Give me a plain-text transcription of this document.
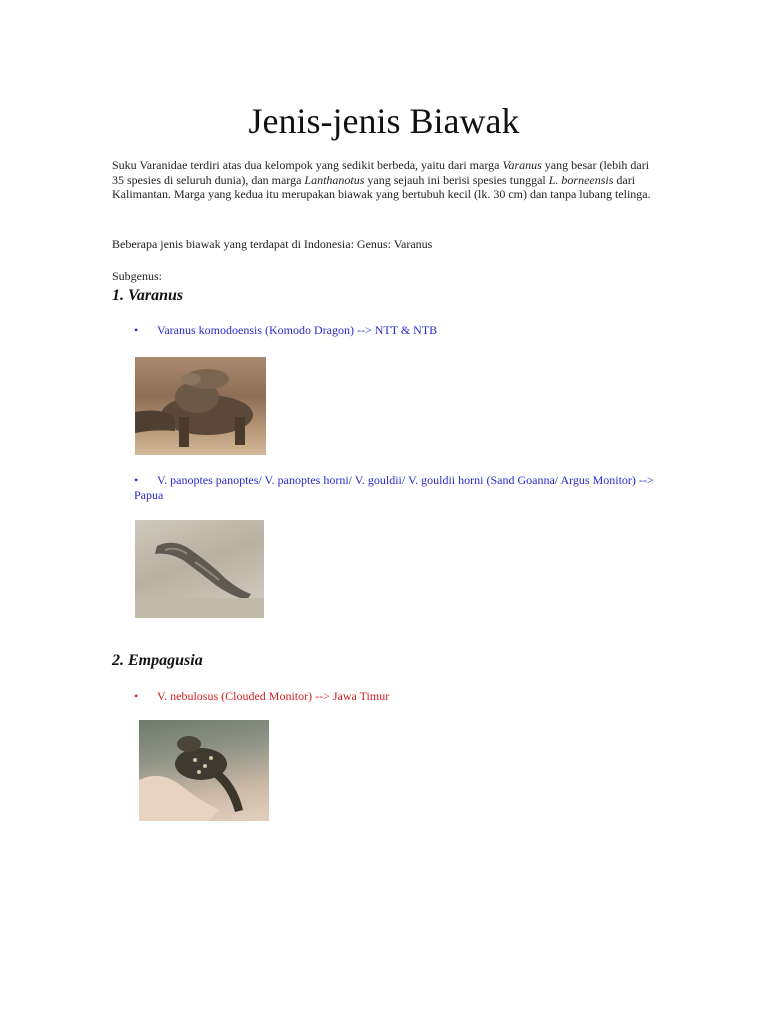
Jenis-jenis Biawak

Suku Varanidae terdiri atas dua kelompok yang sedikit berbeda, yaitu dari marga Varanus yang besar (lebih dari 35 spesies di seluruh dunia), dan marga Lanthanotus yang sejauh ini berisi spesies tunggal L. borneensis dari Kalimantan. Marga yang kedua itu merupakan biawak yang bertubuh kecil (lk. 30 cm) dan tanpa lubang telinga.

Beberapa jenis biawak yang terdapat di Indonesia: Genus: Varanus

Subgenus:

1. Varanus

• Varanus komodoensis (Komodo Dragon) --> NTT & NTB

• V. panoptes panoptes/ V. panoptes horni/ V. gouldii/ V. gouldii horni (Sand Goanna/ Argus Monitor) --> Papua

2. Empagusia

• V. nebulosus (Clouded Monitor) --> Jawa Timur
